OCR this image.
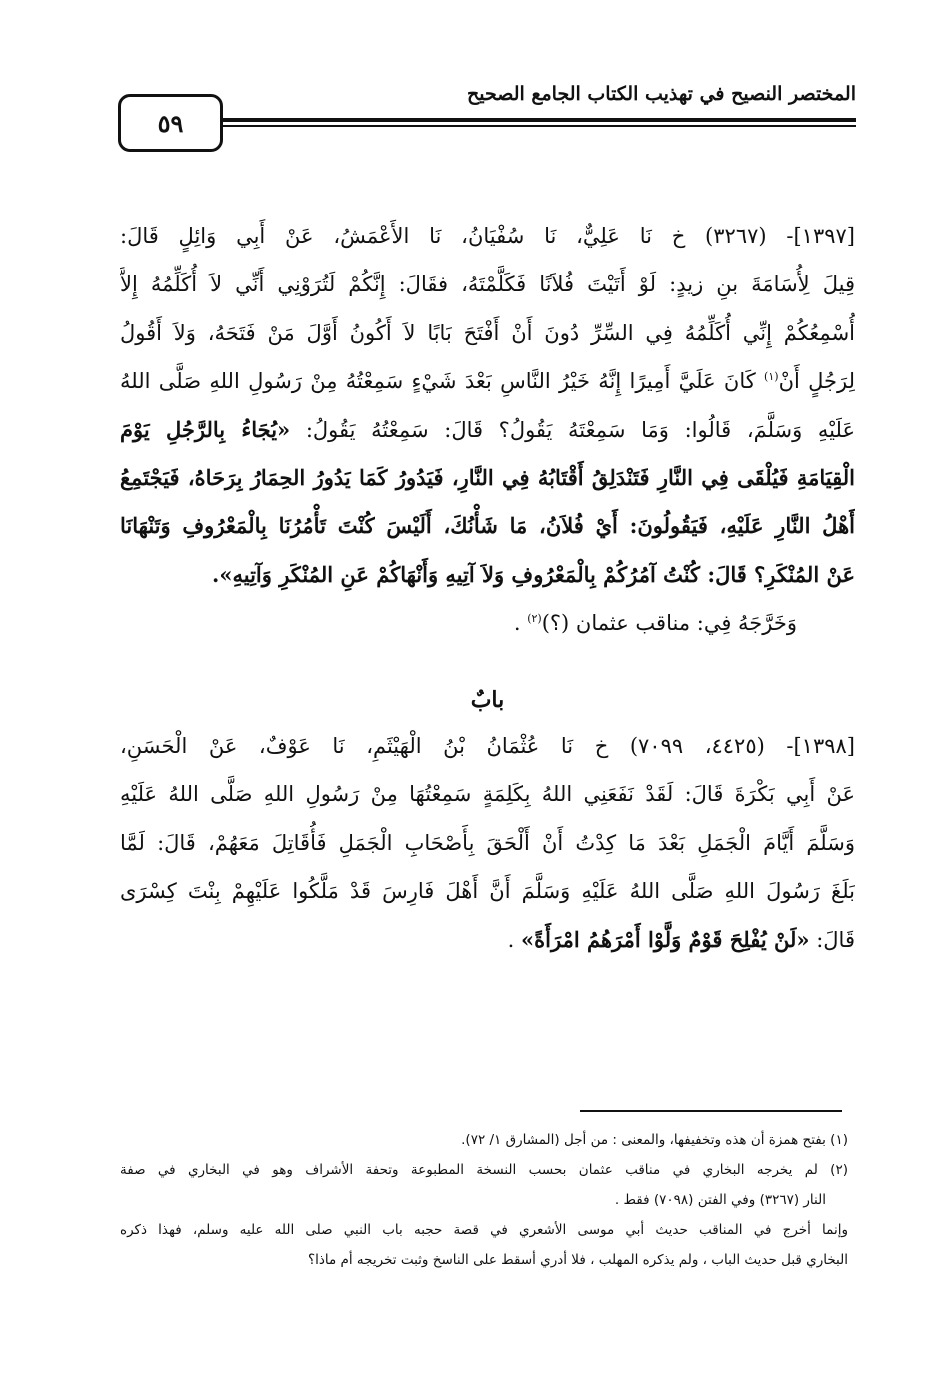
٥٩
المختصر النصيح في تهذيب الكتاب الجامع الصحيح
[١٣٩٧]- (٣٢٦٧) خ نَا عَلِيٌّ، نَا سُفْيَانُ، نَا الأَعْمَشُ، عَنْ أَبِي وَائِلٍ قَالَ:
قِيلَ لِأُسَامَةَ بنِ زيدٍ: لَوْ أَتَيْتَ فُلاَنًا فَكَلَّمْتَهُ، فقَالَ: إِنَّكُمْ لَتُرَوْنِي أَنِّي لاَ أُكَلِّمُهُ إِلاَّ
أُسْمِعُكُمْ إِنِّي أُكَلِّمُهُ فِي السِّرِّ دُونَ أَنْ أَفْتَحَ بَابًا لاَ أَكُونُ أَوَّلَ مَنْ فَتَحَهُ، وَلاَ أَقُولُ
لِرَجُلٍ أَنْ$^{(١)}$ كَانَ عَلَيَّ أَمِيرًا إِنَّهُ خَيْرُ النَّاسِ بَعْدَ شَيْءٍ سَمِعْتُهُ مِنْ رَسُولِ اللهِ صَلَّى اللهُ
عَلَيْهِ وَسَلَّمَ، قَالُوا: وَمَا سَمِعْتَهُ يَقُولُ؟ قَالَ: سَمِعْتُهُ يَقُولُ: «يُجَاءُ بِالرَّجُلِ يَوْمَ
الْقِيَامَةِ فَيُلْقَى فِي النَّارِ فَتَنْدَلِقُ أَقْتَابُهُ فِي النَّارِ، فَيَدُورُ كَمَا يَدُورُ الحِمَارُ بِرَحَاهُ، فَيَجْتَمِعُ
أَهْلُ النَّارِ عَلَيْهِ، فَيَقُولُونَ: أَيْ فُلاَنُ، مَا شَأْنُكَ، أَلَيْسَ كُنْتَ تَأْمُرُنَا بِالْمَعْرُوفِ وَتَنْهَانَا
عَنْ المُنْكَرِ؟ قَالَ: كُنْتُ آمُرُكُمْ بِالْمَعْرُوفِ وَلاَ آتِيهِ وَأَنْهَاكُمْ عَنِ المُنْكَرِ وَآتِيهِ».
وَخَرَّجَهُ فِي: مناقب عثمان (؟)$^{(٢)}$ .
بابٌ
[١٣٩٨]- (٤٤٢٥، ٧٠٩٩) خ نَا عُثْمَانُ بْنُ الْهَيْثَمِ، نَا عَوْفٌ، عَنْ الْحَسَنِ،
عَنْ أَبِي بَكْرَةَ قَالَ: لَقَدْ نَفَعَنِي اللهُ بِكَلِمَةٍ سَمِعْتُهَا مِنْ رَسُولِ اللهِ صَلَّى اللهُ عَلَيْهِ
وَسَلَّمَ أَيَّامَ الْجَمَلِ بَعْدَ مَا كِدْتُ أَنْ أَلْحَقَ بِأَصْحَابِ الْجَمَلِ فَأُقَاتِلَ مَعَهُمْ، قَالَ: لَمَّا
بَلَغَ رَسُولَ اللهِ صَلَّى اللهُ عَلَيْهِ وَسَلَّمَ أَنَّ أَهْلَ فَارِسَ قَدْ مَلَّكُوا عَلَيْهِمْ بِنْتَ كِسْرَى
قَالَ: «لَنْ يُفْلِحَ قَوْمٌ وَلَّوْا أَمْرَهُمُ امْرَأَةً» .
(١) بفتح همزة أن هذه وتخفيفها، والمعنى : من أجل (المشارق ١/ ٧٢).
(٢) لم يخرجه البخاري في مناقب عثمان بحسب النسخة المطبوعة وتحفة الأشراف وهو في البخاري في صفة
النار (٣٢٦٧) وفي الفتن (٧٠٩٨) فقط .
وإنما أخرج في المناقب حديث أبي موسى الأشعري في قصة حجبه باب النبي صلى الله عليه وسلم، فهذا ذكره
البخاري قبل حديث الباب ، ولم يذكره المهلب ، فلا أدري أسقط على الناسخ وثبت تخريجه أم ماذا؟
